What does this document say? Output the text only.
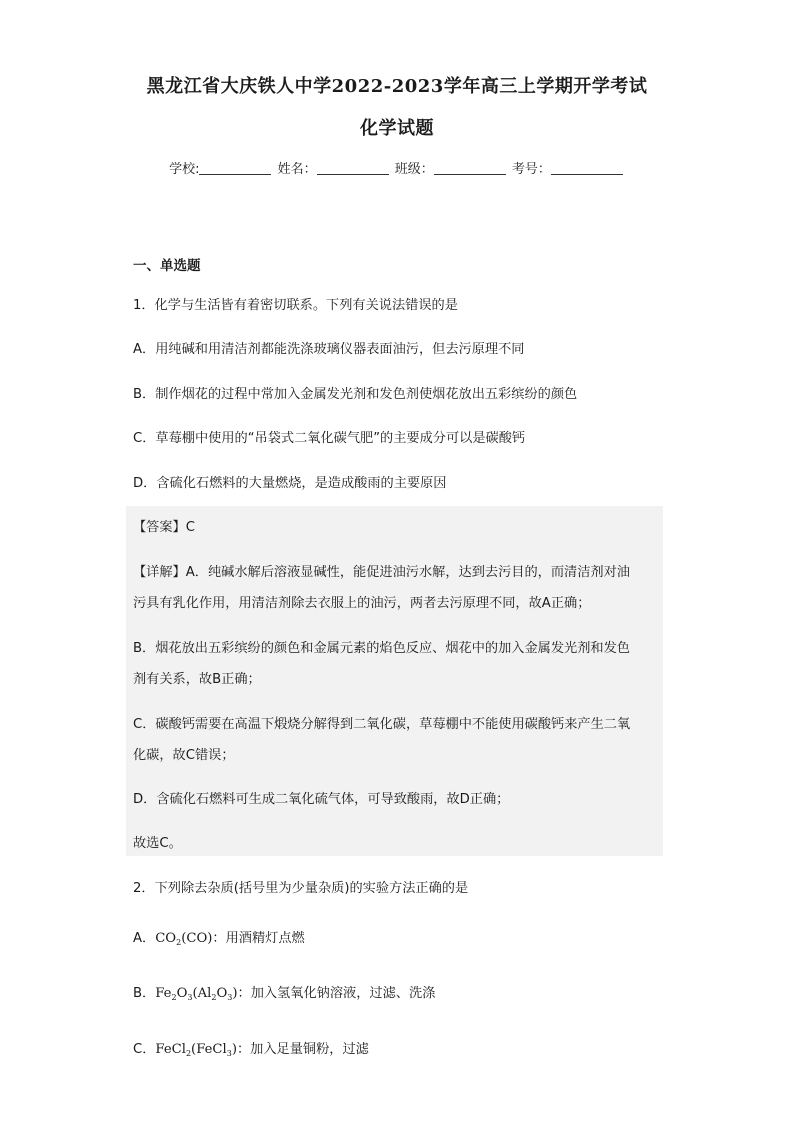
黑龙江省大庆铁人中学2022-2023学年高三上学期开学考试
化学试题
学校:	姓名：	班级：	考号：
一、单选题
1．化学与生活皆有着密切联系。下列有关说法错误的是
A．用纯碱和用清洁剂都能洗涤玻璃仪器表面油污，但去污原理不同
B．制作烟花的过程中常加入金属发光剂和发色剂使烟花放出五彩缤纷的颜色
C．草莓棚中使用的“吊袋式二氧化碳气肥”的主要成分可以是碳酸钙
D．含硫化石燃料的大量燃烧，是造成酸雨的主要原因
【答案】C
【详解】A．纯碱水解后溶液显碱性，能促进油污水解，达到去污目的，而清洁剂对油
污具有乳化作用，用清洁剂除去衣服上的油污，两者去污原理不同，故A正确；
B．烟花放出五彩缤纷的颜色和金属元素的焰色反应、烟花中的加入金属发光剂和发色
剂有关系，故B正确；
C．碳酸钙需要在高温下煅烧分解得到二氧化碳，草莓棚中不能使用碳酸钙来产生二氧
化碳，故C错误；
D．含硫化石燃料可生成二氧化硫气体，可导致酸雨，故D正确；
故选C。
2．下列除去杂质(括号里为少量杂质)的实验方法正确的是
A．$CO_2(CO)$：用酒精灯点燃
B．$Fe_2O_3(Al_2O_3)$：加入氢氧化钠溶液，过滤、洗涤
C．FeCl$_2$(FeCl$_3$)：加入足量铜粉，过滤
